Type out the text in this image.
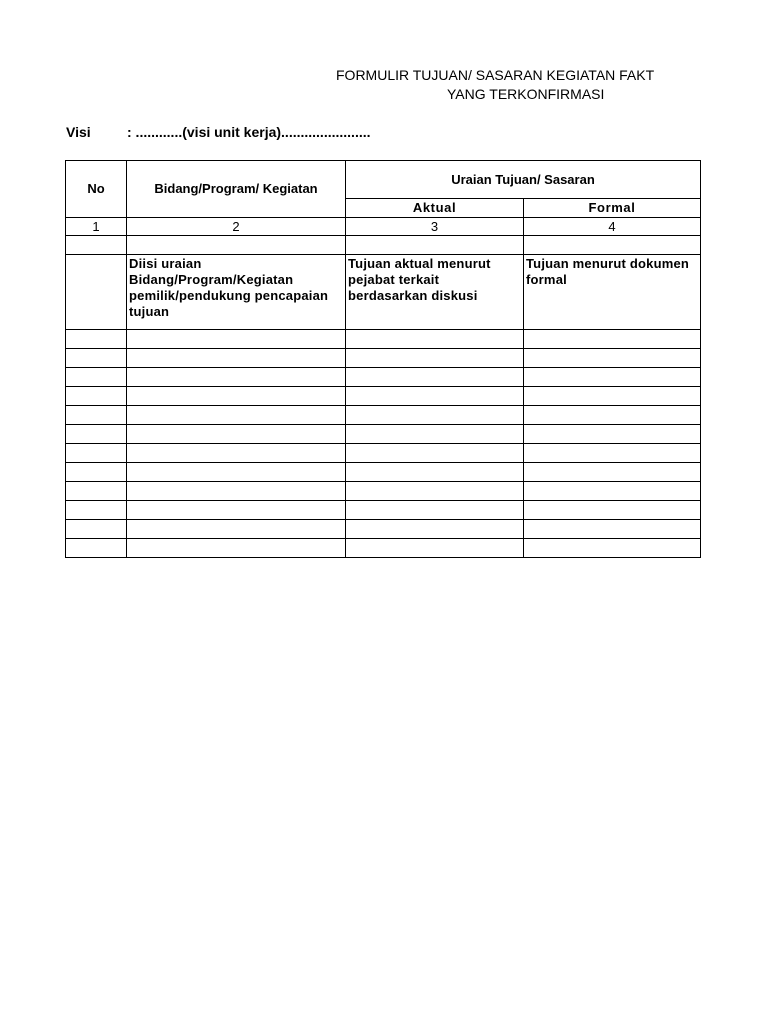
FORMULIR TUJUAN/ SASARAN KEGIATAN FAKT
YANG TERKONFIRMASI
Visi	: ............(visi unit kerja).......................
No	Bidang/Program/ Kegiatan	Uraian Tujuan/ Sasaran	
		Aktual	Formal
1	2	3	4

	Diisi uraian Bidang/Program/Kegiatan pemilik/pendukung pencapaian tujuan	Tujuan aktual menurut pejabat terkait berdasarkan diskusi	Tujuan menurut dokumen formal
